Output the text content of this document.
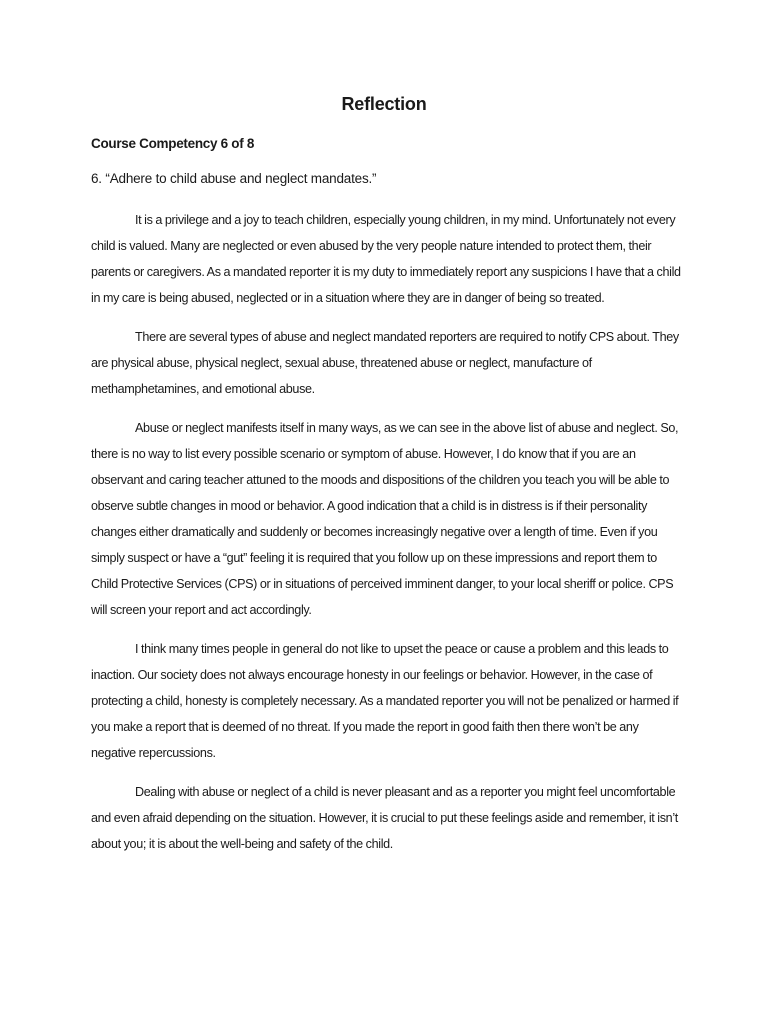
Reflection
Course Competency 6 of 8
6. “Adhere to child abuse and neglect mandates.”

It is a privilege and a joy to teach children, especially young children, in my mind. Unfortunately not every child is valued. Many are neglected or even abused by the very people nature intended to protect them, their parents or caregivers. As a mandated reporter it is my duty to immediately report any suspicions I have that a child in my care is being abused, neglected or in a situation where they are in danger of being so treated.

There are several types of abuse and neglect mandated reporters are required to notify CPS about. They are physical abuse, physical neglect, sexual abuse, threatened abuse or neglect, manufacture of methamphetamines, and emotional abuse.

Abuse or neglect manifests itself in many ways, as we can see in the above list of abuse and neglect. So, there is no way to list every possible scenario or symptom of abuse. However, I do know that if you are an observant and caring teacher attuned to the moods and dispositions of the children you teach you will be able to observe subtle changes in mood or behavior. A good indication that a child is in distress is if their personality changes either dramatically and suddenly or becomes increasingly negative over a length of time. Even if you simply suspect or have a “gut” feeling it is required that you follow up on these impressions and report them to Child Protective Services (CPS) or in situations of perceived imminent danger, to your local sheriff or police. CPS will screen your report and act accordingly.

I think many times people in general do not like to upset the peace or cause a problem and this leads to inaction. Our society does not always encourage honesty in our feelings or behavior. However, in the case of protecting a child, honesty is completely necessary. As a mandated reporter you will not be penalized or harmed if you make a report that is deemed of no threat. If you made the report in good faith then there won’t be any negative repercussions.

Dealing with abuse or neglect of a child is never pleasant and as a reporter you might feel uncomfortable and even afraid depending on the situation. However, it is crucial to put these feelings aside and remember, it isn’t about you; it is about the well-being and safety of the child.
